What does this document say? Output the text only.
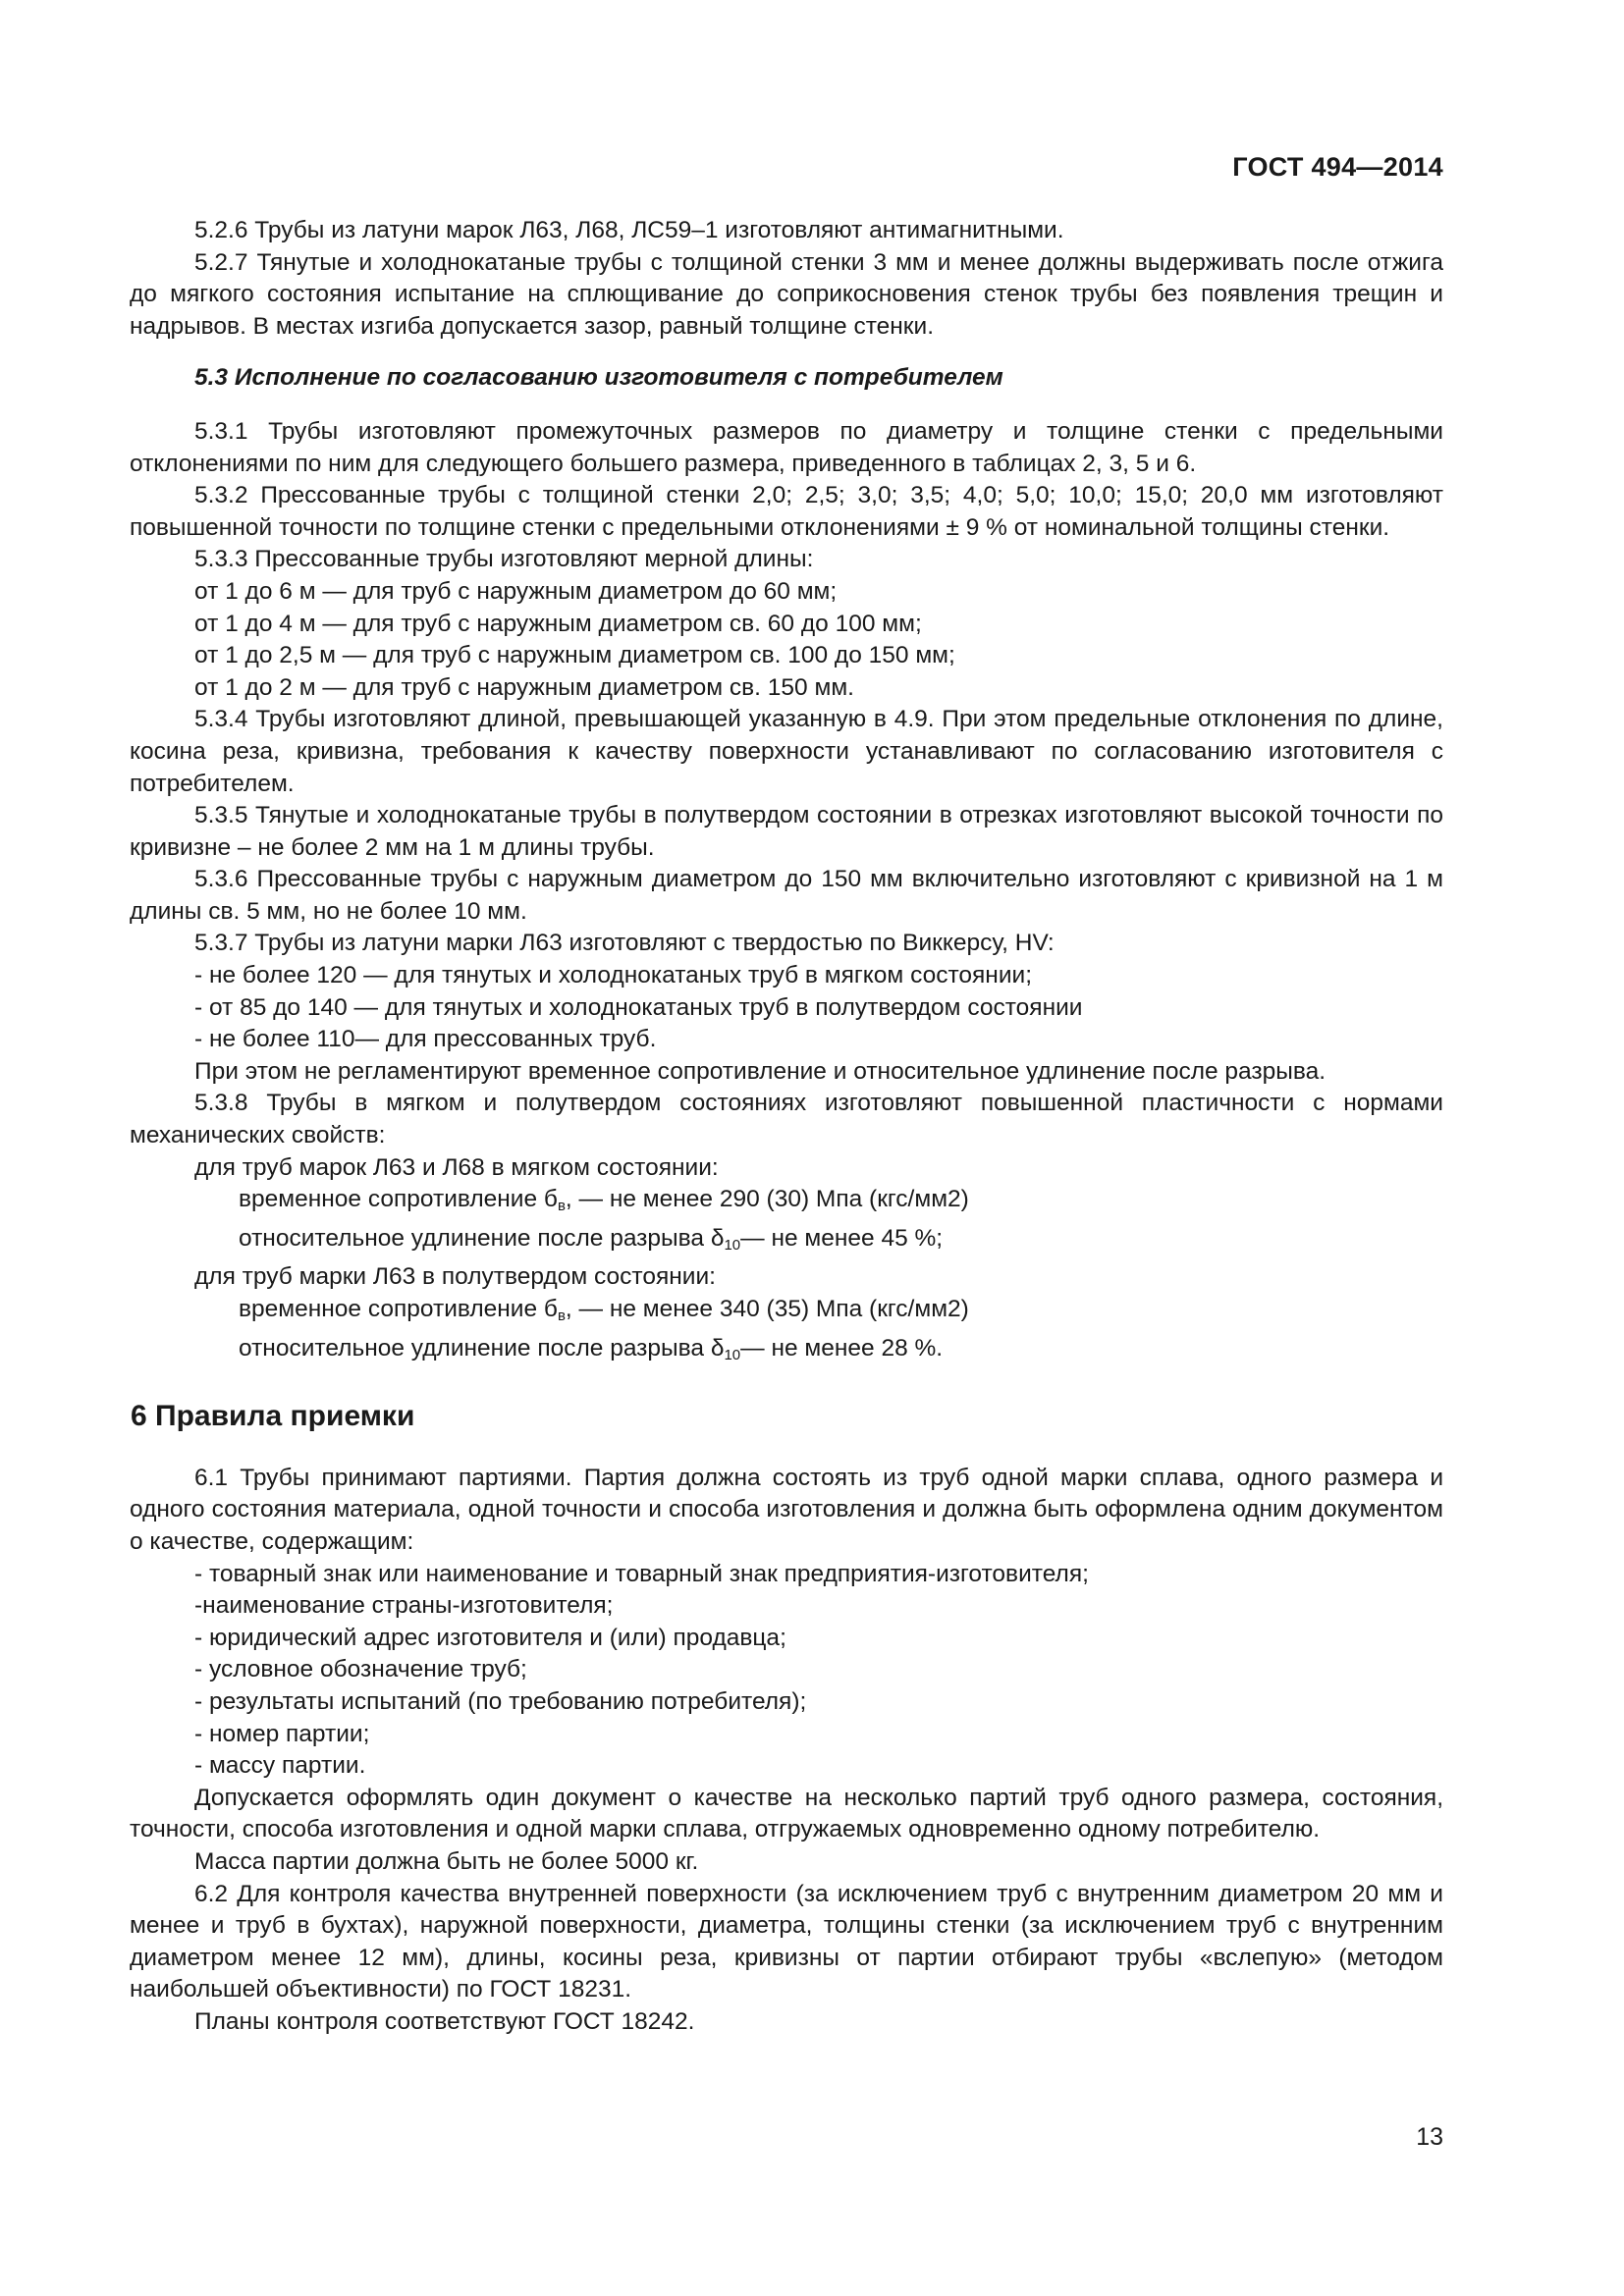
ГОСТ 494—2014

5.2.6 Трубы из латуни марок Л63, Л68, ЛС59–1 изготовляют антимагнитными.

5.2.7 Тянутые и холоднокатаные трубы с толщиной стенки 3 мм и менее должны выдерживать после отжига до мягкого состояния испытание на сплющивание до соприкосновения стенок трубы без появления трещин и надрывов. В местах изгиба допускается зазор, равный толщине стенки.

5.3 Исполнение по согласованию изготовителя с потребителем

5.3.1 Трубы изготовляют промежуточных размеров по диаметру и толщине стенки с предельными отклонениями по ним для следующего большего размера, приведенного в таблицах 2, 3, 5 и 6.

5.3.2 Прессованные трубы с толщиной стенки 2,0; 2,5; 3,0; 3,5; 4,0; 5,0; 10,0; 15,0; 20,0 мм изготовляют повышенной точности по толщине стенки с предельными отклонениями ± 9 % от номинальной толщины стенки.

5.3.3 Прессованные трубы изготовляют мерной длины:

от 1 до 6 м — для труб с наружным диаметром до 60 мм;

от 1 до 4 м — для труб с наружным диаметром св. 60 до 100 мм;

от 1 до 2,5 м — для труб с наружным диаметром св. 100 до 150 мм;

от 1 до 2 м — для труб с наружным диаметром св. 150 мм.

5.3.4 Трубы изготовляют длиной, превышающей указанную в 4.9. При этом предельные отклонения по длине, косина реза, кривизна, требования к качеству поверхности устанавливают по согласованию изготовителя с потребителем.

5.3.5 Тянутые и холоднокатаные трубы в полутвердом состоянии в отрезках изготовляют высокой точности по кривизне – не более 2 мм на 1 м длины трубы.

5.3.6 Прессованные трубы с наружным диаметром до 150 мм включительно изготовляют с кривизной на 1 м длины св. 5 мм, но не более 10 мм.

5.3.7 Трубы из латуни марки Л63 изготовляют с твердостью по Виккерсу, HV:

- не более 120 — для тянутых и холоднокатаных труб в мягком состоянии;

- от 85 до 140 — для тянутых и холоднокатаных труб в полутвердом состоянии

- не более 110— для прессованных труб.

При этом не регламентируют временное сопротивление и относительное удлинение после разрыва.

5.3.8 Трубы в мягком и полутвердом состояниях изготовляют повышенной пластичности с нормами механических свойств:

для труб марок Л63 и Л68 в мягком состоянии:

временное сопротивление $б_в$, — не менее 290 (30) Мпа (кгс/мм2)

относительное удлинение после разрыва $\delta_{10}—$ не менее 45 %;

для труб марки Л63 в полутвердом состоянии:

временное сопротивление $б_в$, — не менее 340 (35) Мпа (кгс/мм2)

относительное удлинение после разрыва $\delta_{10}—$ не менее 28 %.

6 Правила приемки

6.1 Трубы принимают партиями. Партия должна состоять из труб одной марки сплава, одного размера и одного состояния материала, одной точности и способа изготовления и должна быть оформлена одним документом о качестве, содержащим:

- товарный знак или наименование и товарный знак предприятия-изготовителя;

-наименование страны-изготовителя;

- юридический адрес изготовителя и (или) продавца;

- условное обозначение труб;

- результаты испытаний (по требованию потребителя);

- номер партии;

- массу партии.

Допускается оформлять один документ о качестве на несколько партий труб одного размера, состояния, точности, способа изготовления и одной марки сплава, отгружаемых одновременно одному потребителю.

Масса партии должна быть не более 5000 кг.

6.2 Для контроля качества внутренней поверхности (за исключением труб с внутренним диаметром 20 мм и менее и труб в бухтах), наружной поверхности, диаметра, толщины стенки (за исключением труб с внутренним диаметром менее 12 мм), длины, косины реза, кривизны от партии отбирают трубы «вслепую» (методом наибольшей объективности) по ГОСТ 18231.

Планы контроля соответствуют ГОСТ 18242.

13
